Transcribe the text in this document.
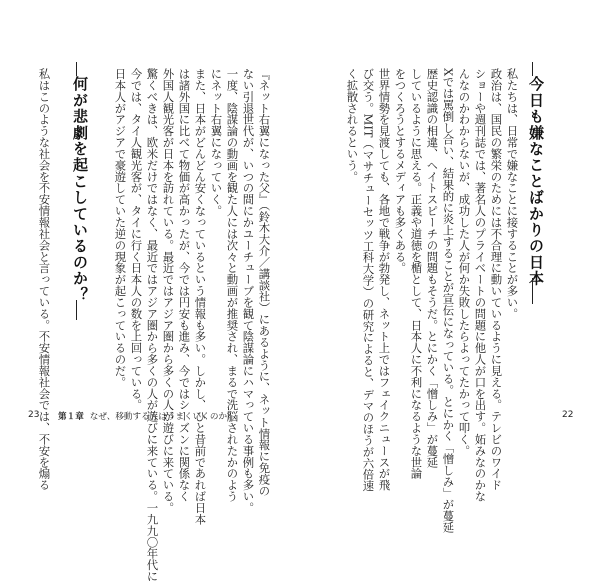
今日も嫌なことばかりの日本
私たちは、日常で嫌なことに接することが多い。
政治は、国民の繁栄のためには不合理に動いているように見える。テレビのワイド
ショーや週刊誌では、著名人のプライベートの問題に他人が口を出す。妬みなのかな
んなのかわからないが、成功した人が何か失敗したらよってたかって叩く。
Xでは罵倒し合い、結果的に炎上することが宣伝になっている。とにかく「憎しみ」が蔓延
歴史認識の相違、ヘイトスピーチの問題もそうだ。とにかく「憎しみ」が蔓延
しているように思える。正義や道徳を楯として、日本人に不利になるような世論
をつくろうとするメディアも多くある。
世界情勢を見渡しても、各地で戦争が勃発し、ネット上ではフェイクニュースが飛
び交う。MIT（マサチューセッツ工科大学）の研究によると、デマのほうが六倍速
く拡散されるという。
22
『ネット右翼になった父』（鈴木大介／講談社）にあるように、ネット情報に免疫の
ない引退世代が、いつの間にかユーチューブを観て陰謀論にハマっている事例も多い。
一度、陰謀論の動画を観た人には次々と動画が推奨され、まるで洗脳されたかのよう
にネット右翼になっていく。
また、日本がどんどん安くなっているという情報も多い。しかし、ひと昔前であれば日本
は諸外国に比べて物価が高かったが、今では円安も進み、今ではシーズンに関係なく
外国人観光客が日本を訪れている。最近ではアジア圏から多くの人が遊びに来ている。
驚くべきは、欧米だけではなく、最近ではアジア圏から多くの人が遊びに来ている。一九九〇年代に
今では、タイ人観光客が、タイに行く日本人の数を上回っている。
日本人がアジアで豪遊していた逆の現象が起こっているのだ。
何が悲劇を起こしているのか？
私はこのような社会を不安情報社会と言っている。不安情報社会では、不安を煽る
23 第１章 なぜ、移動する人はうまくいくのか？
